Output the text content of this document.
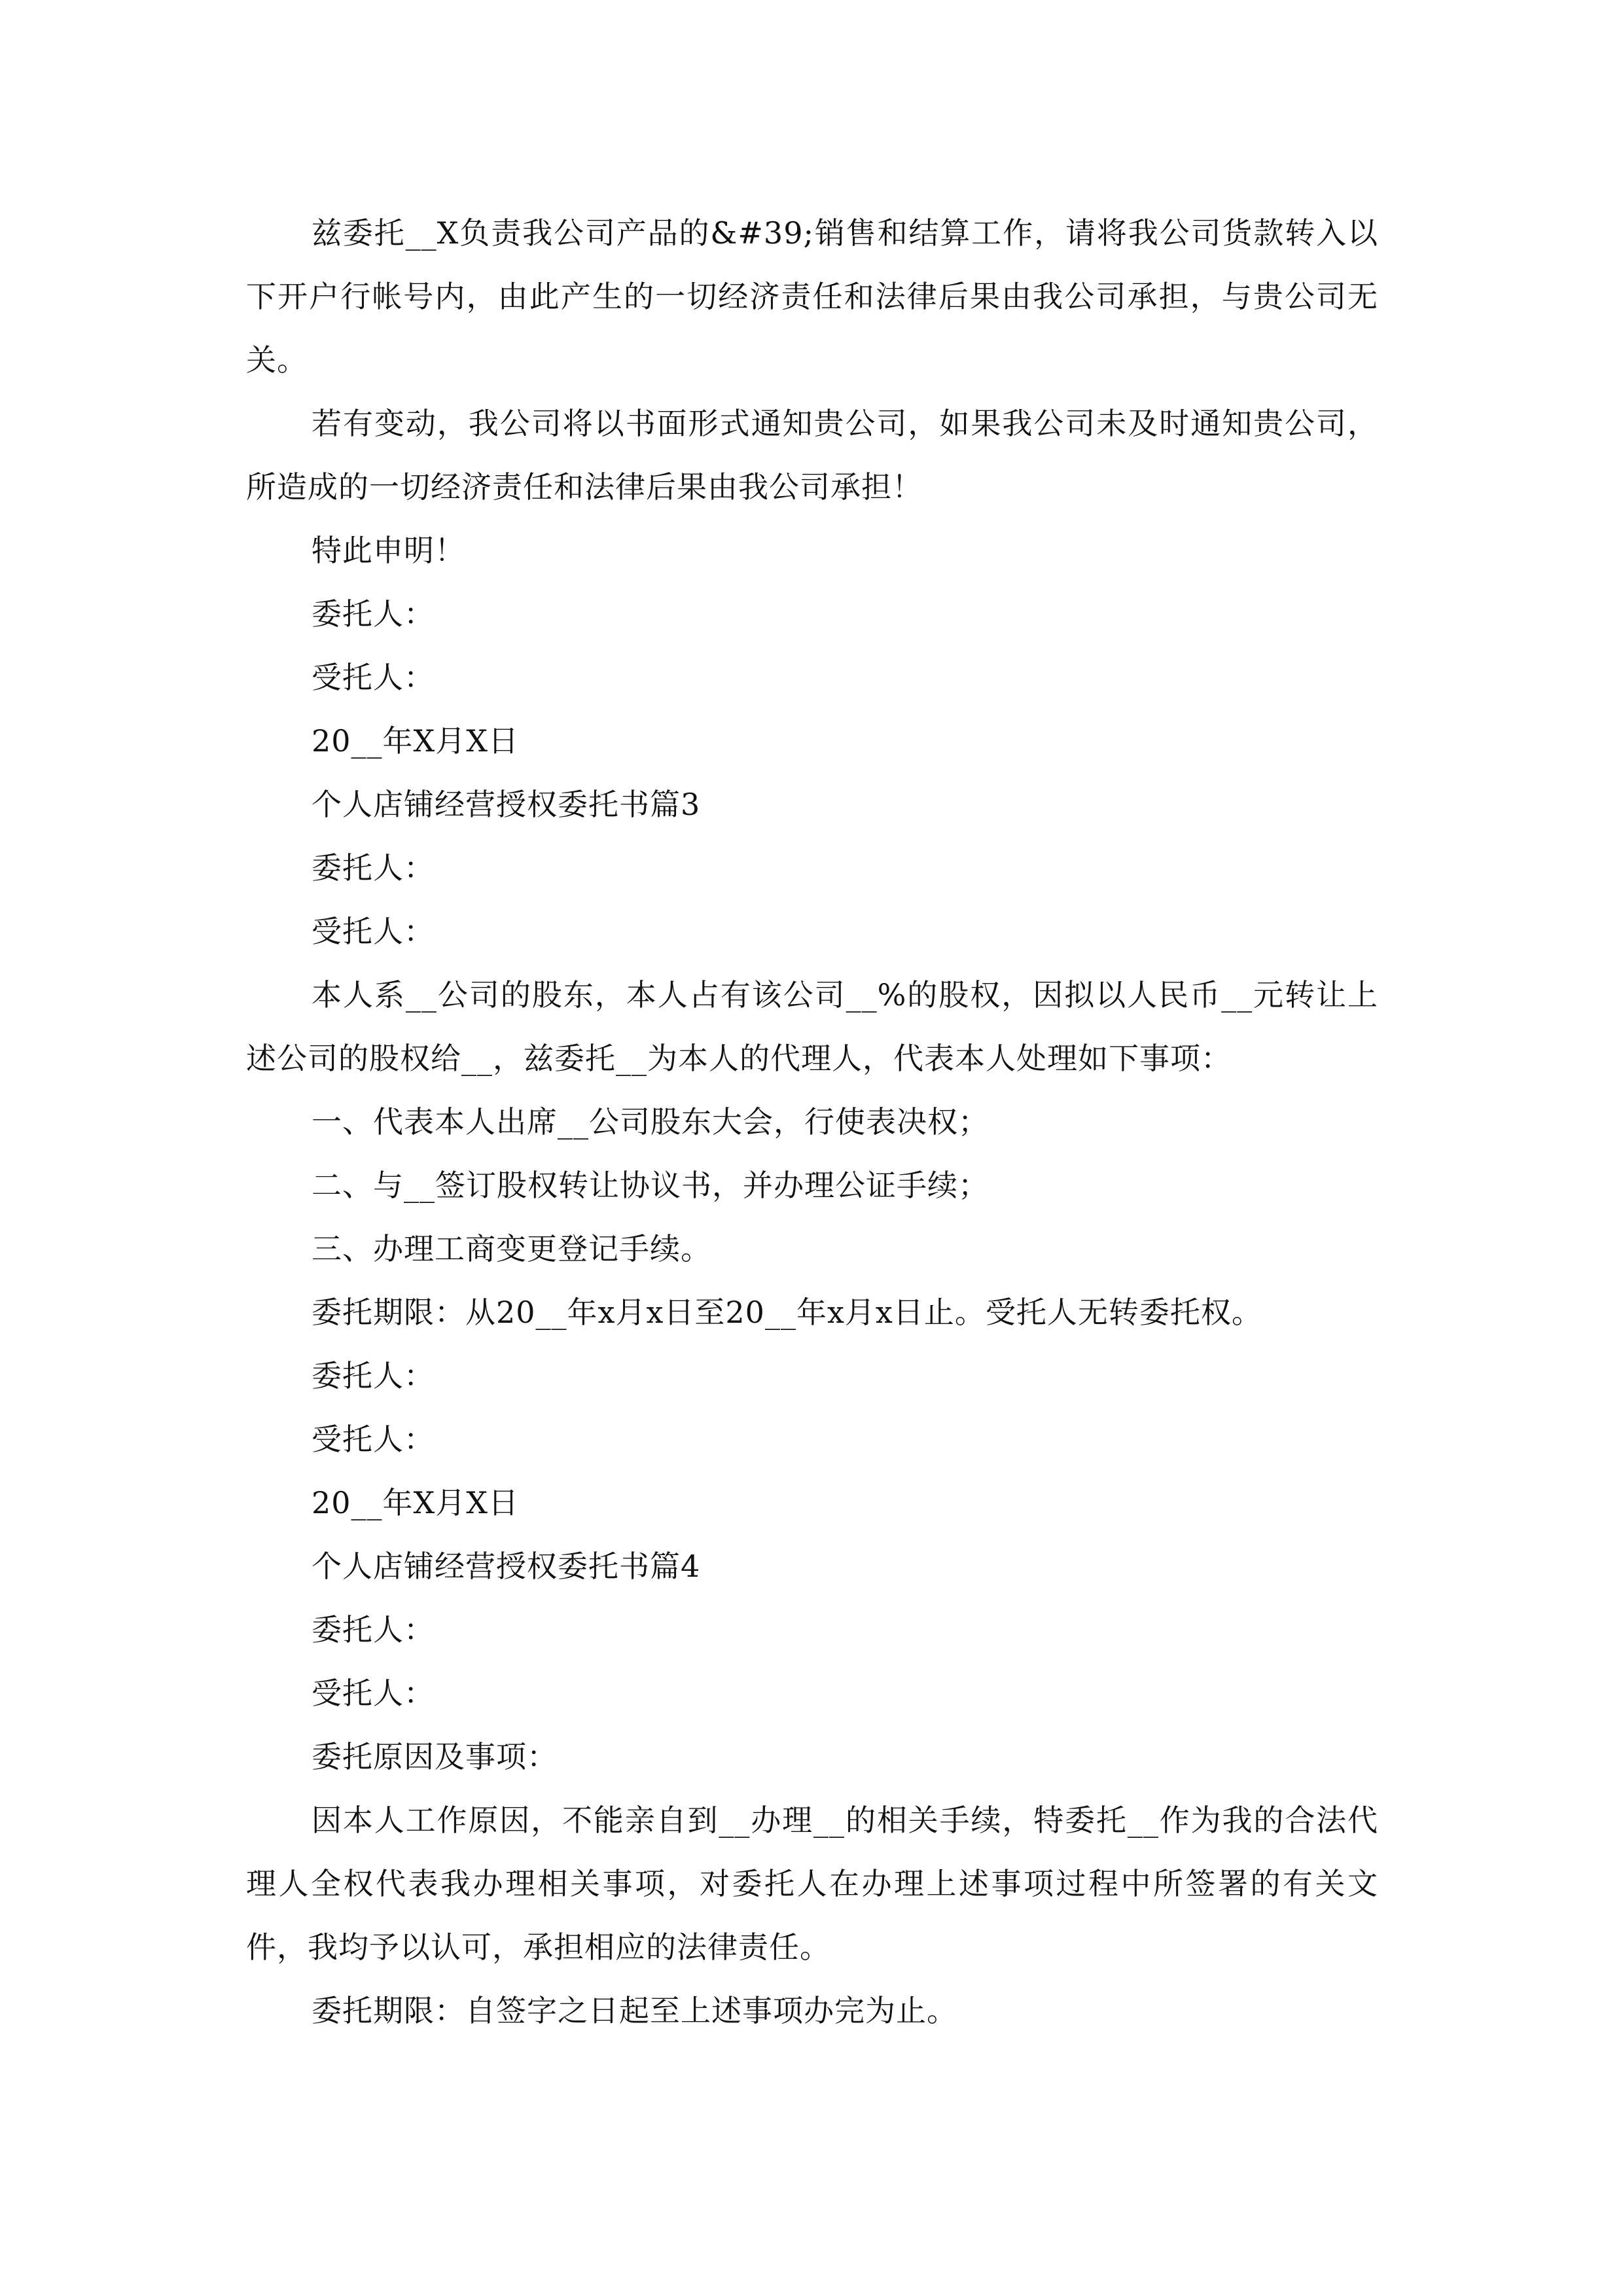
兹委托__X负责我公司产品的&#39;销售和结算工作，请将我公司货款转入以下开户行帐号内，由此产生的一切经济责任和法律后果由我公司承担，与贵公司无关。

若有变动，我公司将以书面形式通知贵公司，如果我公司未及时通知贵公司，所造成的一切经济责任和法律后果由我公司承担！

特此申明！

委托人：

受托人：

20__年X月X日

个人店铺经营授权委托书篇3

委托人：

受托人：

本人系__公司的股东，本人占有该公司__%的股权，因拟以人民币__元转让上述公司的股权给__，兹委托__为本人的代理人，代表本人处理如下事项：

一、代表本人出席__公司股东大会，行使表决权；

二、与__签订股权转让协议书，并办理公证手续；

三、办理工商变更登记手续。

委托期限：从20__年x月x日至20__年x月x日止。受托人无转委托权。

委托人：

受托人：

20__年X月X日

个人店铺经营授权委托书篇4

委托人：

受托人：

委托原因及事项：

因本人工作原因，不能亲自到__办理__的相关手续，特委托__作为我的合法代理人全权代表我办理相关事项，对委托人在办理上述事项过程中所签署的有关文件，我均予以认可，承担相应的法律责任。

委托期限：自签字之日起至上述事项办完为止。
